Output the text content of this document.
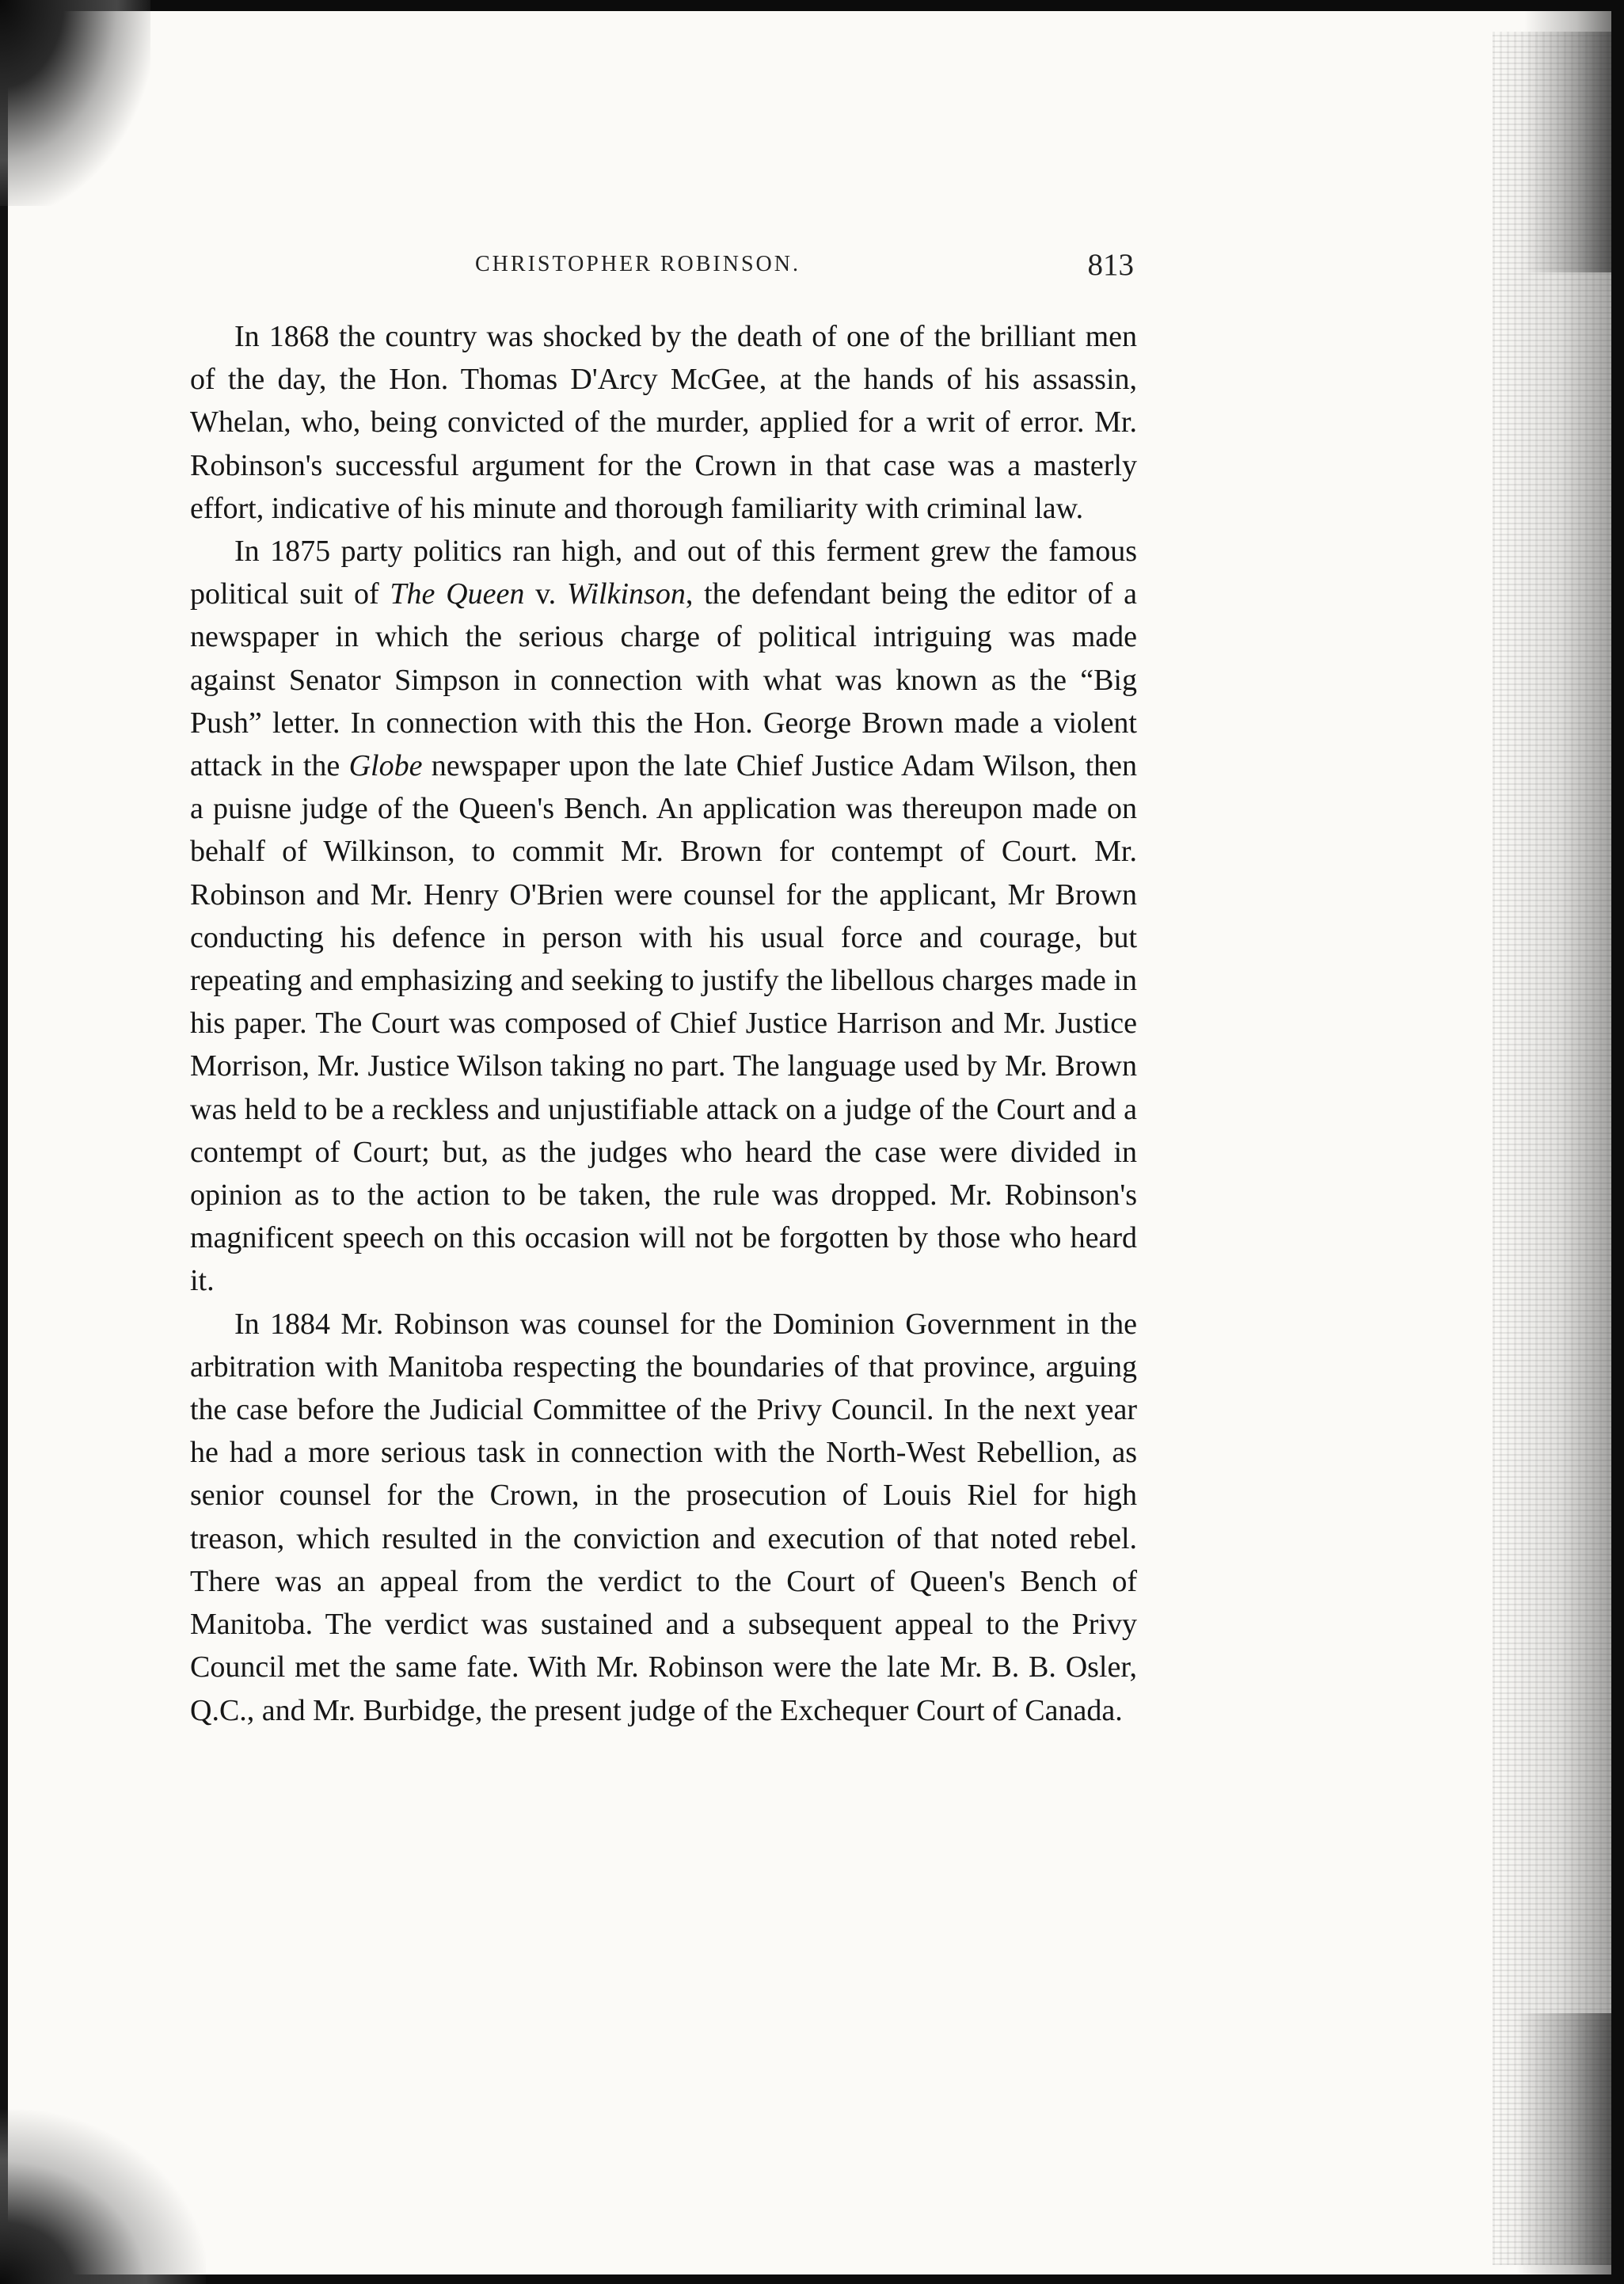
CHRISTOPHER ROBINSON.	813

In 1868 the country was shocked by the death of one of the brilliant men of the day, the Hon. Thomas D'Arcy McGee, at the hands of his assassin, Whelan, who, being convicted of the murder, applied for a writ of error. Mr. Robinson's successful argument for the Crown in that case was a masterly effort, indicative of his minute and thorough familiarity with criminal law.

In 1875 party politics ran high, and out of this ferment grew the famous political suit of The Queen v. Wilkinson, the defendant being the editor of a newspaper in which the serious charge of political intriguing was made against Senator Simpson in connection with what was known as the “Big Push” letter. In connection with this the Hon. George Brown made a violent attack in the Globe newspaper upon the late Chief Justice Adam Wilson, then a puisne judge of the Queen's Bench. An application was thereupon made on behalf of Wilkinson, to commit Mr. Brown for contempt of Court. Mr. Robinson and Mr. Henry O'Brien were counsel for the applicant, Mr Brown conducting his defence in person with his usual force and courage, but repeating and emphasizing and seeking to justify the libellous charges made in his paper. The Court was composed of Chief Justice Harrison and Mr. Justice Morrison, Mr. Justice Wilson taking no part. The language used by Mr. Brown was held to be a reckless and unjustifiable attack on a judge of the Court and a contempt of Court; but, as the judges who heard the case were divided in opinion as to the action to be taken, the rule was dropped. Mr. Robinson's magnificent speech on this occasion will not be forgotten by those who heard it.

In 1884 Mr. Robinson was counsel for the Dominion Government in the arbitration with Manitoba respecting the boundaries of that province, arguing the case before the Judicial Committee of the Privy Council. In the next year he had a more serious task in connection with the North-West Rebellion, as senior counsel for the Crown, in the prosecution of Louis Riel for high treason, which resulted in the conviction and execution of that noted rebel. There was an appeal from the verdict to the Court of Queen's Bench of Manitoba. The verdict was sustained and a subsequent appeal to the Privy Council met the same fate. With Mr. Robinson were the late Mr. B. B. Osler, Q.C., and Mr. Burbidge, the present judge of the Exchequer Court of Canada.
